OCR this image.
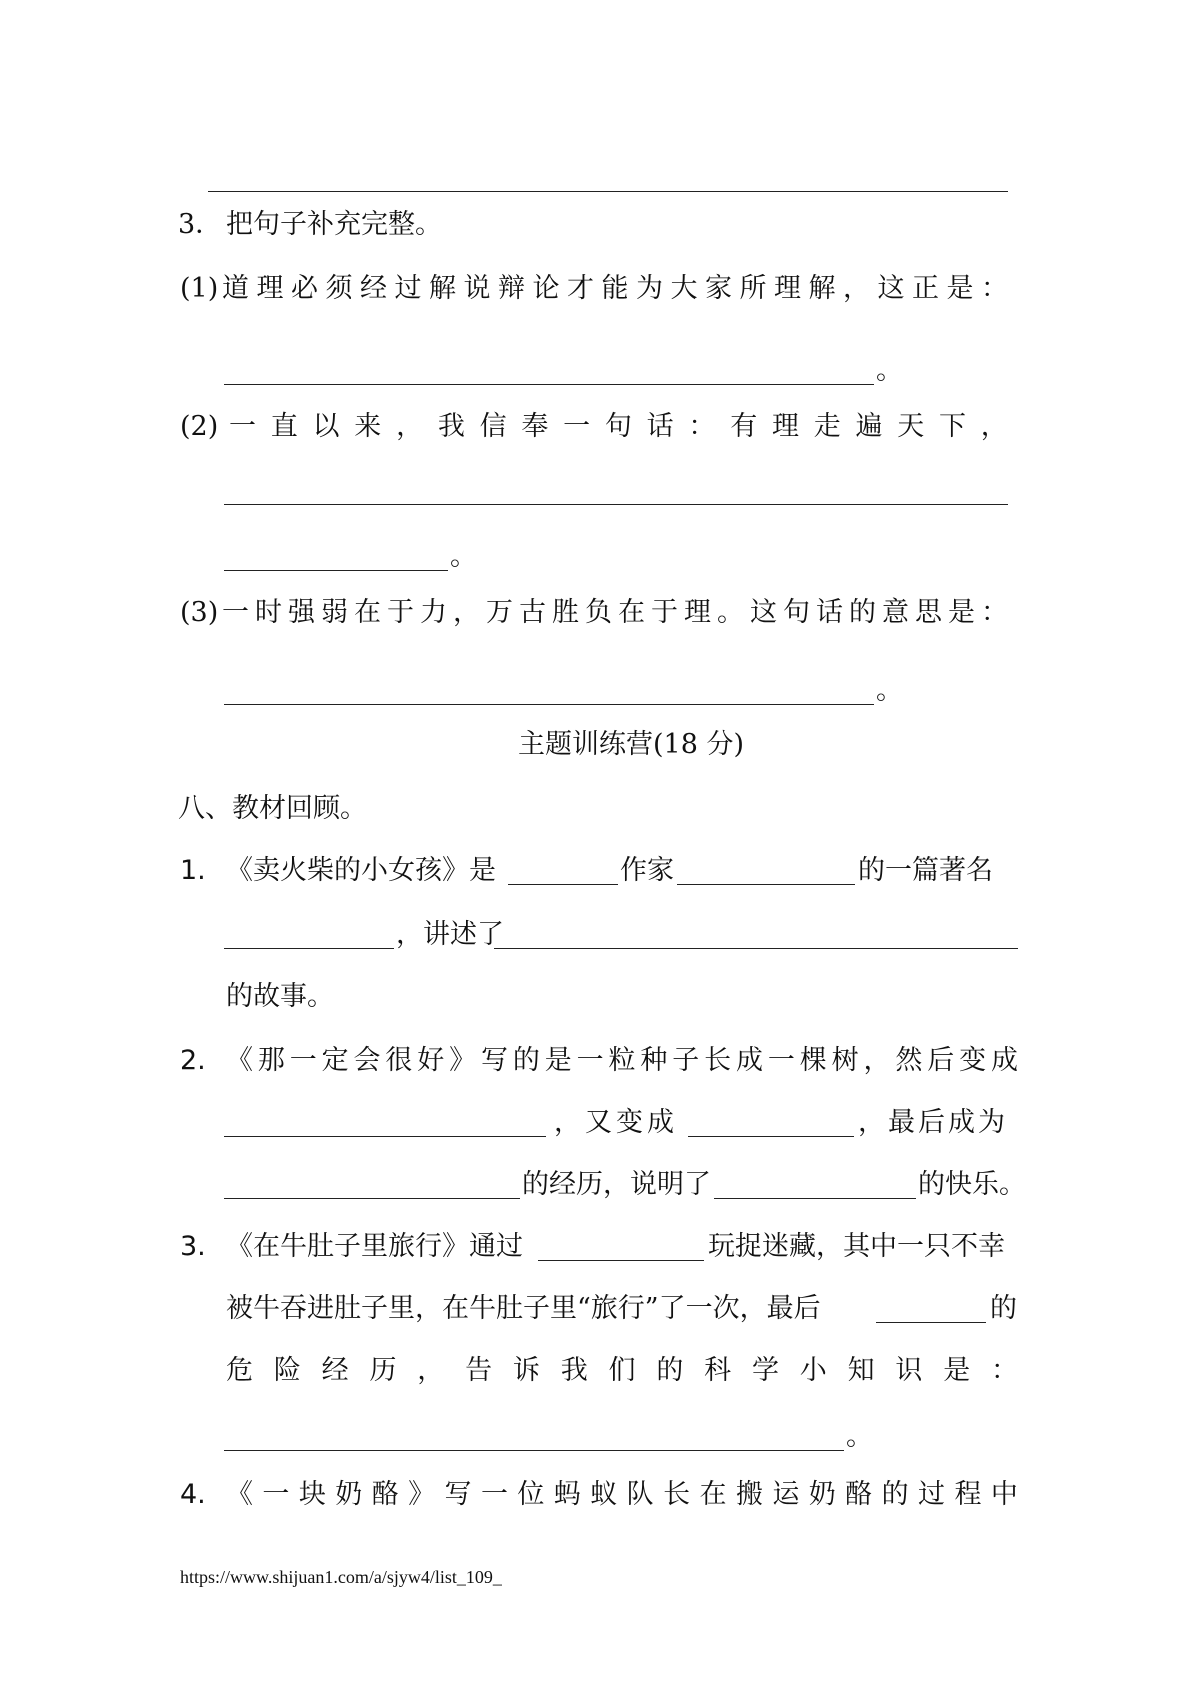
3． 把句子补充完整。
(1) 道 理 必 须 经 过 解 说 辩 论 才 能 为 大 家 所 理 解 ， 这 正 是 ：
。
(2) 一 直 以 来 ， 我 信 奉 一 句 话 ： 有 理 走 遍 天 下 ，
。
(3) 一 时 强 弱 在 于 力 ， 万 古 胜 负 在 于 理 。 这 句 话 的 意 思 是 ：
。
主题训练营(18 分)
八、教材回顾。
1. 《卖火柴的小女孩》是	作家	的一篇著名
，讲述了
的故事。
2. 《 那 一 定 会 很 好 》 写 的 是 一 粒 种 子 长 成 一 棵 树 ， 然 后 变 成
，又变成	，最后成为
的经历，说明了	的快乐。
3. 《在牛肚子里旅行》通过	玩捉迷藏，其中一只不幸
被牛吞进肚子里，在牛肚子里“旅行”了一次，最后	的
危 险 经 历 ， 告 诉 我 们 的 科 学 小 知 识 是 ：
。
4. 《 一 块 奶 酪 》 写 一 位 蚂 蚁 队 长 在 搬 运 奶 酪 的 过 程 中
https://www.shijuan1.com/a/sjyw4/list_109_
